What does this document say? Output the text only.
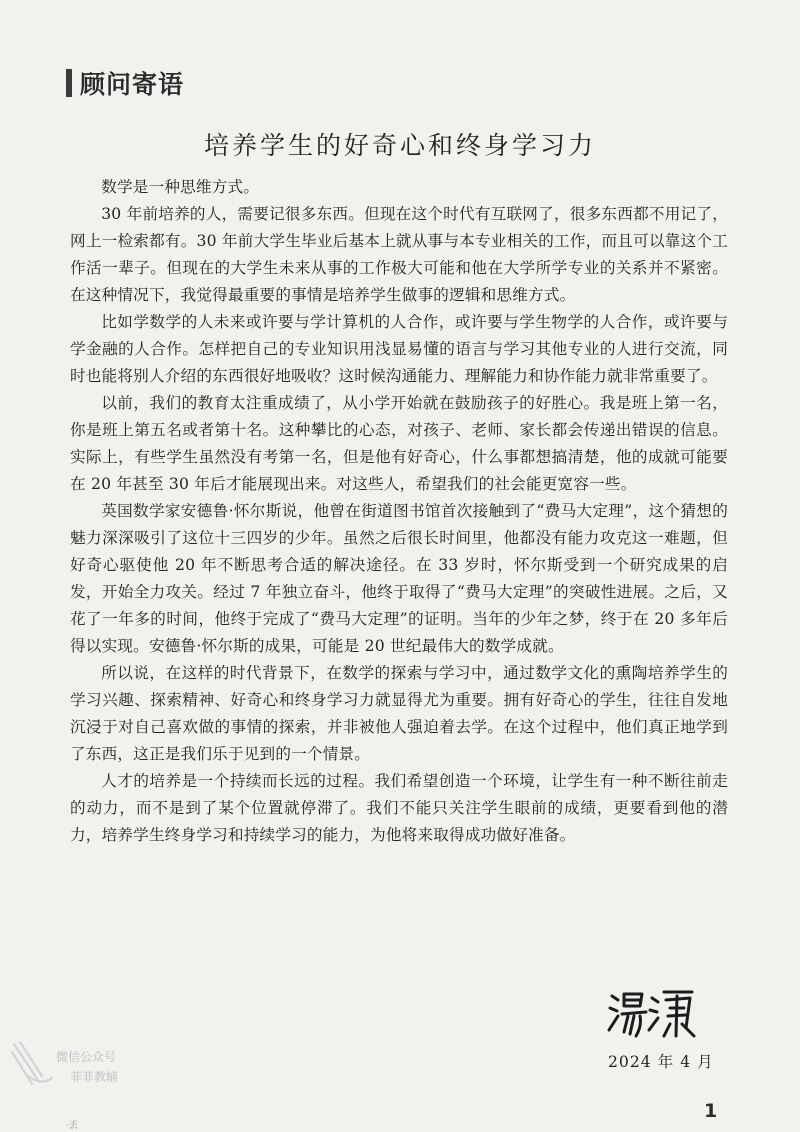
顾问寄语
培养学生的好奇心和终身学习力

数学是一种思维方式。

30 年前培养的人，需要记很多东西。但现在这个时代有互联网了，很多东西都不用记了，网上一检索都有。30 年前大学生毕业后基本上就从事与本专业相关的工作，而且可以靠这个工作活一辈子。但现在的大学生未来从事的工作极大可能和他在大学所学专业的关系并不紧密。在这种情况下，我觉得最重要的事情是培养学生做事的逻辑和思维方式。

比如学数学的人未来或许要与学计算机的人合作，或许要与学生物学的人合作，或许要与学金融的人合作。怎样把自己的专业知识用浅显易懂的语言与学习其他专业的人进行交流，同时也能将别人介绍的东西很好地吸收？这时候沟通能力、理解能力和协作能力就非常重要了。

以前，我们的教育太注重成绩了，从小学开始就在鼓励孩子的好胜心。我是班上第一名，你是班上第五名或者第十名。这种攀比的心态，对孩子、老师、家长都会传递出错误的信息。实际上，有些学生虽然没有考第一名，但是他有好奇心，什么事都想搞清楚，他的成就可能要在 20 年甚至 30 年后才能展现出来。对这些人，希望我们的社会能更宽容一些。

英国数学家安德鲁·怀尔斯说，他曾在街道图书馆首次接触到了“费马大定理”，这个猜想的魅力深深吸引了这位十三四岁的少年。虽然之后很长时间里，他都没有能力攻克这一难题，但好奇心驱使他 20 年不断思考合适的解决途径。在 33 岁时，怀尔斯受到一个研究成果的启发，开始全力攻关。经过 7 年独立奋斗，他终于取得了“费马大定理”的突破性进展。之后，又花了一年多的时间，他终于完成了“费马大定理”的证明。当年的少年之梦，终于在 20 多年后得以实现。安德鲁·怀尔斯的成果，可能是 20 世纪最伟大的数学成就。

所以说，在这样的时代背景下，在数学的探索与学习中，通过数学文化的熏陶培养学生的学习兴趣、探索精神、好奇心和终身学习力就显得尤为重要。拥有好奇心的学生，往往自发地沉浸于对自己喜欢做的事情的探索，并非被他人强迫着去学。在这个过程中，他们真正地学到了东西，这正是我们乐于见到的一个情景。

人才的培养是一个持续而长远的过程。我们希望创造一个环境，让学生有一种不断往前走的动力，而不是到了某个位置就停滞了。我们不能只关注学生眼前的成绩，更要看到他的潜力，培养学生终身学习和持续学习的能力，为他将来取得成功做好准备。

2024 年 4 月
微信公众号
菲菲教辅
·丢
1
